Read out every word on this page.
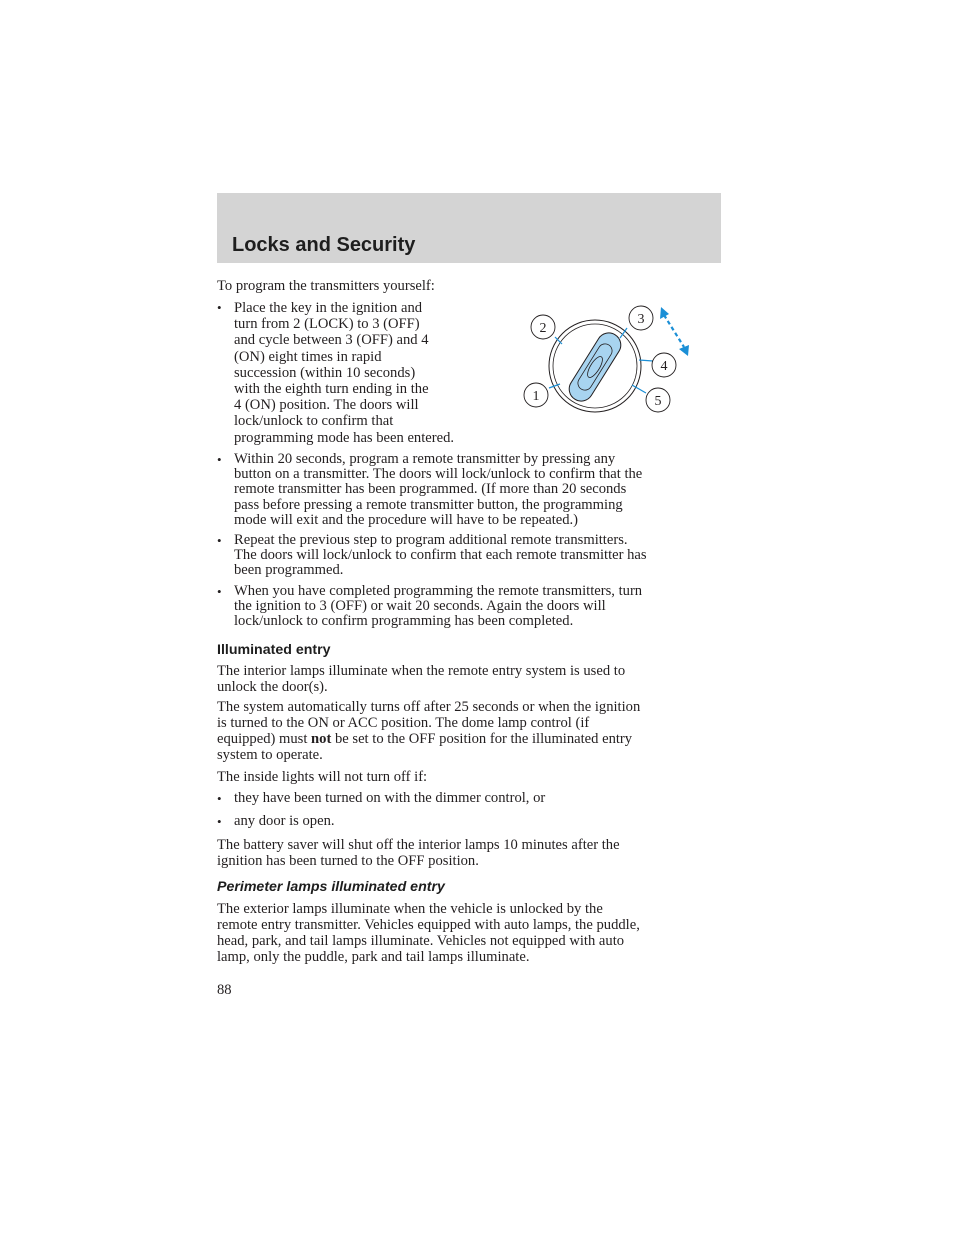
Locks and Security
To program the transmitters yourself:
• Place the key in the ignition and
turn from 2 (LOCK) to 3 (OFF)
and cycle between 3 (OFF) and 4
(ON) eight times in rapid
succession (within 10 seconds)
with the eighth turn ending in the
4 (ON) position. The doors will
lock/unlock to confirm that
programming mode has been entered.
2
3
4
5
1
• Within 20 seconds, program a remote transmitter by pressing any
button on a transmitter. The doors will lock/unlock to confirm that the
remote transmitter has been programmed. (If more than 20 seconds
pass before pressing a remote transmitter button, the programming
mode will exit and the procedure will have to be repeated.)
• Repeat the previous step to program additional remote transmitters.
The doors will lock/unlock to confirm that each remote transmitter has
been programmed.
• When you have completed programming the remote transmitters, turn
the ignition to 3 (OFF) or wait 20 seconds. Again the doors will
lock/unlock to confirm programming has been completed.
Illuminated entry
The interior lamps illuminate when the remote entry system is used to
unlock the door(s).
The system automatically turns off after 25 seconds or when the ignition
is turned to the ON or ACC position. The dome lamp control (if
equipped) must not be set to the OFF position for the illuminated entry
system to operate.
The inside lights will not turn off if:
• they have been turned on with the dimmer control, or
• any door is open.
The battery saver will shut off the interior lamps 10 minutes after the
ignition has been turned to the OFF position.
Perimeter lamps illuminated entry
The exterior lamps illuminate when the vehicle is unlocked by the
remote entry transmitter. Vehicles equipped with auto lamps, the puddle,
head, park, and tail lamps illuminate. Vehicles not equipped with auto
lamp, only the puddle, park and tail lamps illuminate.
88
